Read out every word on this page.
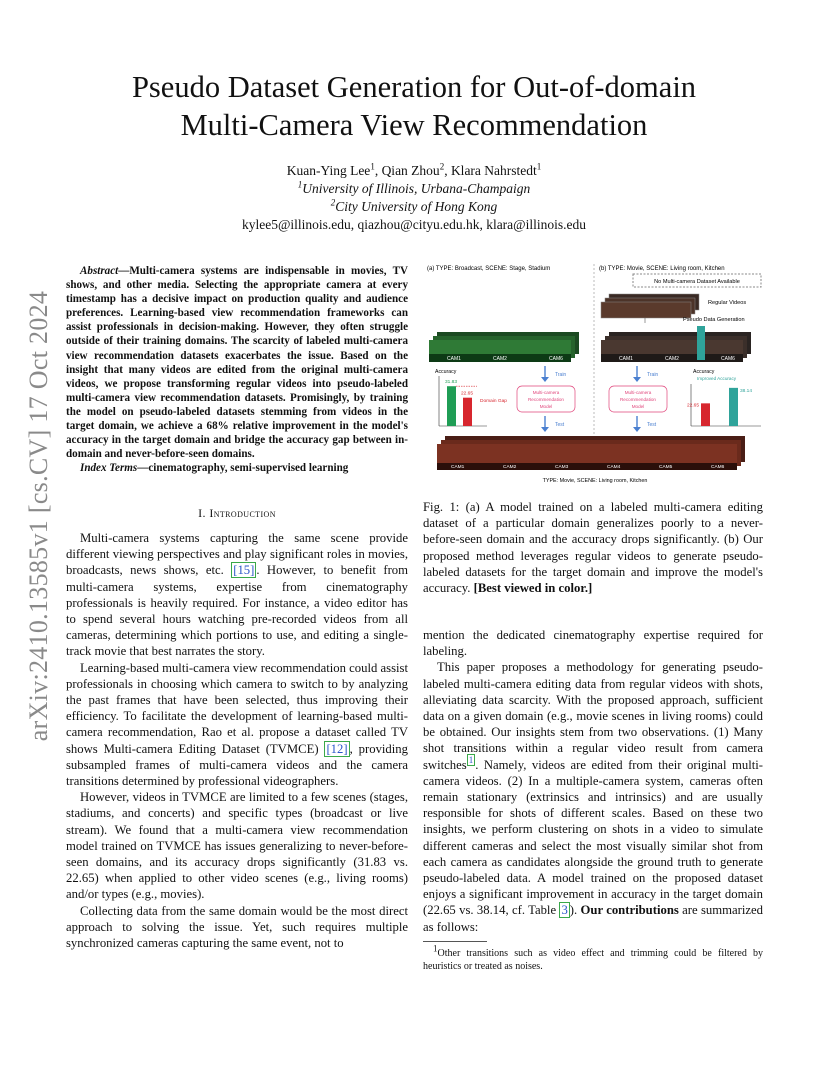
arXiv:2410.13585v1 [cs.CV] 17 Oct 2024
Pseudo Dataset Generation for Out-of-domain
Multi-Camera View Recommendation
Kuan-Ying Lee$^1$, Qian Zhou$^2$, Klara Nahrstedt$^1$
$^1$University of Illinois, Urbana-Champaign
$^2$City University of Hong Kong
kylee5@illinois.edu, qiazhou@cityu.edu.hk, klara@illinois.edu
Abstract—Multi-camera systems are indispensable in movies, TV shows, and other media. Selecting the appropriate camera at every timestamp has a decisive impact on production quality and audience preferences. Learning-based view recommendation frameworks can assist professionals in decision-making. However, they often struggle outside of their training domains. The scarcity of labeled multi-camera view recommendation datasets exacerbates the issue. Based on the insight that many videos are edited from the original multi-camera videos, we propose transforming regular videos into pseudo-labeled multi-camera view recommendation datasets. Promisingly, by training the model on pseudo-labeled datasets stemming from videos in the target domain, we achieve a 68% relative improvement in the model's accuracy in the target domain and bridge the accuracy gap between in-domain and never-before-seen domains.
Index Terms—cinematography, semi-supervised learning
I. Introduction

Multi-camera systems capturing the same scene provide different viewing perspectives and play significant roles in movies, broadcasts, news shows, etc. [15] . However, to benefit from multi-camera systems, expertise from cinematography professionals is heavily required. For instance, a video editor has to spend several hours watching pre-recorded videos from all cameras, determining which portions to use, and editing a single-track movie that best narrates the story.

Learning-based multi-camera view recommendation could assist professionals in choosing which camera to switch to by analyzing the past frames that have been selected, thus improving their efficiency. To facilitate the development of learning-based multi-camera recommendation, Rao et al. propose a dataset called TV shows Multi-camera Editing Dataset (TVMCE) [12] , providing subsampled frames of multi-camera videos and the camera transitions determined by professional videographers.

However, videos in TVMCE are limited to a few scenes (stages, stadiums, and concerts) and specific types (broadcast or live stream). We found that a multi-camera view recommendation model trained on TVMCE has issues generalizing to never-before-seen domains, and its accuracy drops significantly (31.83 vs. 22.65) when applied to other video scenes (e.g., living rooms) and/or types (e.g., movies).

Collecting data from the same domain would be the most direct approach to solving the issue. Yet, such requires multiple synchronized cameras capturing the same event, not to

(a) TYPE: Broadcast, SCENE: Stage, Stadium	(b) TYPE: Movie, SCENE: Living room, Kitchen
No Multi-camera Dataset Available
Regular Videos
Pseudo Data Generation
CAM1	CAM2	CAM6	CAM1	CAM2	CAM6
Accuracy
31.83
22.65
Domain Gap
Accuracy
Improved Accuracy
22.65
38.14
Train
Multi-camera
Recommendation
Model
Test
Train
Multi-camera
Recommendation
Model
Test
CAM1	CAM2	CAM3	CAM4	CAM5	CAM6
TYPE: Movie, SCENE: Living room, Kitchen
Fig. 1: (a) A model trained on a labeled multi-camera editing dataset of a particular domain generalizes poorly to a never-before-seen domain and the accuracy drops significantly. (b) Our proposed method leverages regular videos to generate pseudo-labeled datasets for the target domain and improve the model's accuracy. [Best viewed in color.]

mention the dedicated cinematography expertise required for labeling.

This paper proposes a methodology for generating pseudo-labeled multi-camera editing data from regular videos with shots, alleviating data scarcity. With the proposed approach, sufficient data on a given domain (e.g., movie scenes in living rooms) could be obtained. Our insights stem from two observations. (1) Many shot transitions within a regular video result from camera switches $^1$ . Namely, videos are edited from their original multi-camera videos. (2) In a multiple-camera system, cameras often remain stationary (extrinsics and intrinsics) and are usually responsible for shots of different scales. Based on these two insights, we perform clustering on shots in a video to simulate different cameras and select the most visually similar shot from each camera as candidates alongside the ground truth to generate pseudo-labeled data. A model trained on the proposed dataset enjoys a significant improvement in accuracy in the target domain (22.65 vs. 38.14, cf. Table 3 ). Our contributions are summarized as follows:

$^1$Other transitions such as video effect and trimming could be filtered by heuristics or treated as noises.
